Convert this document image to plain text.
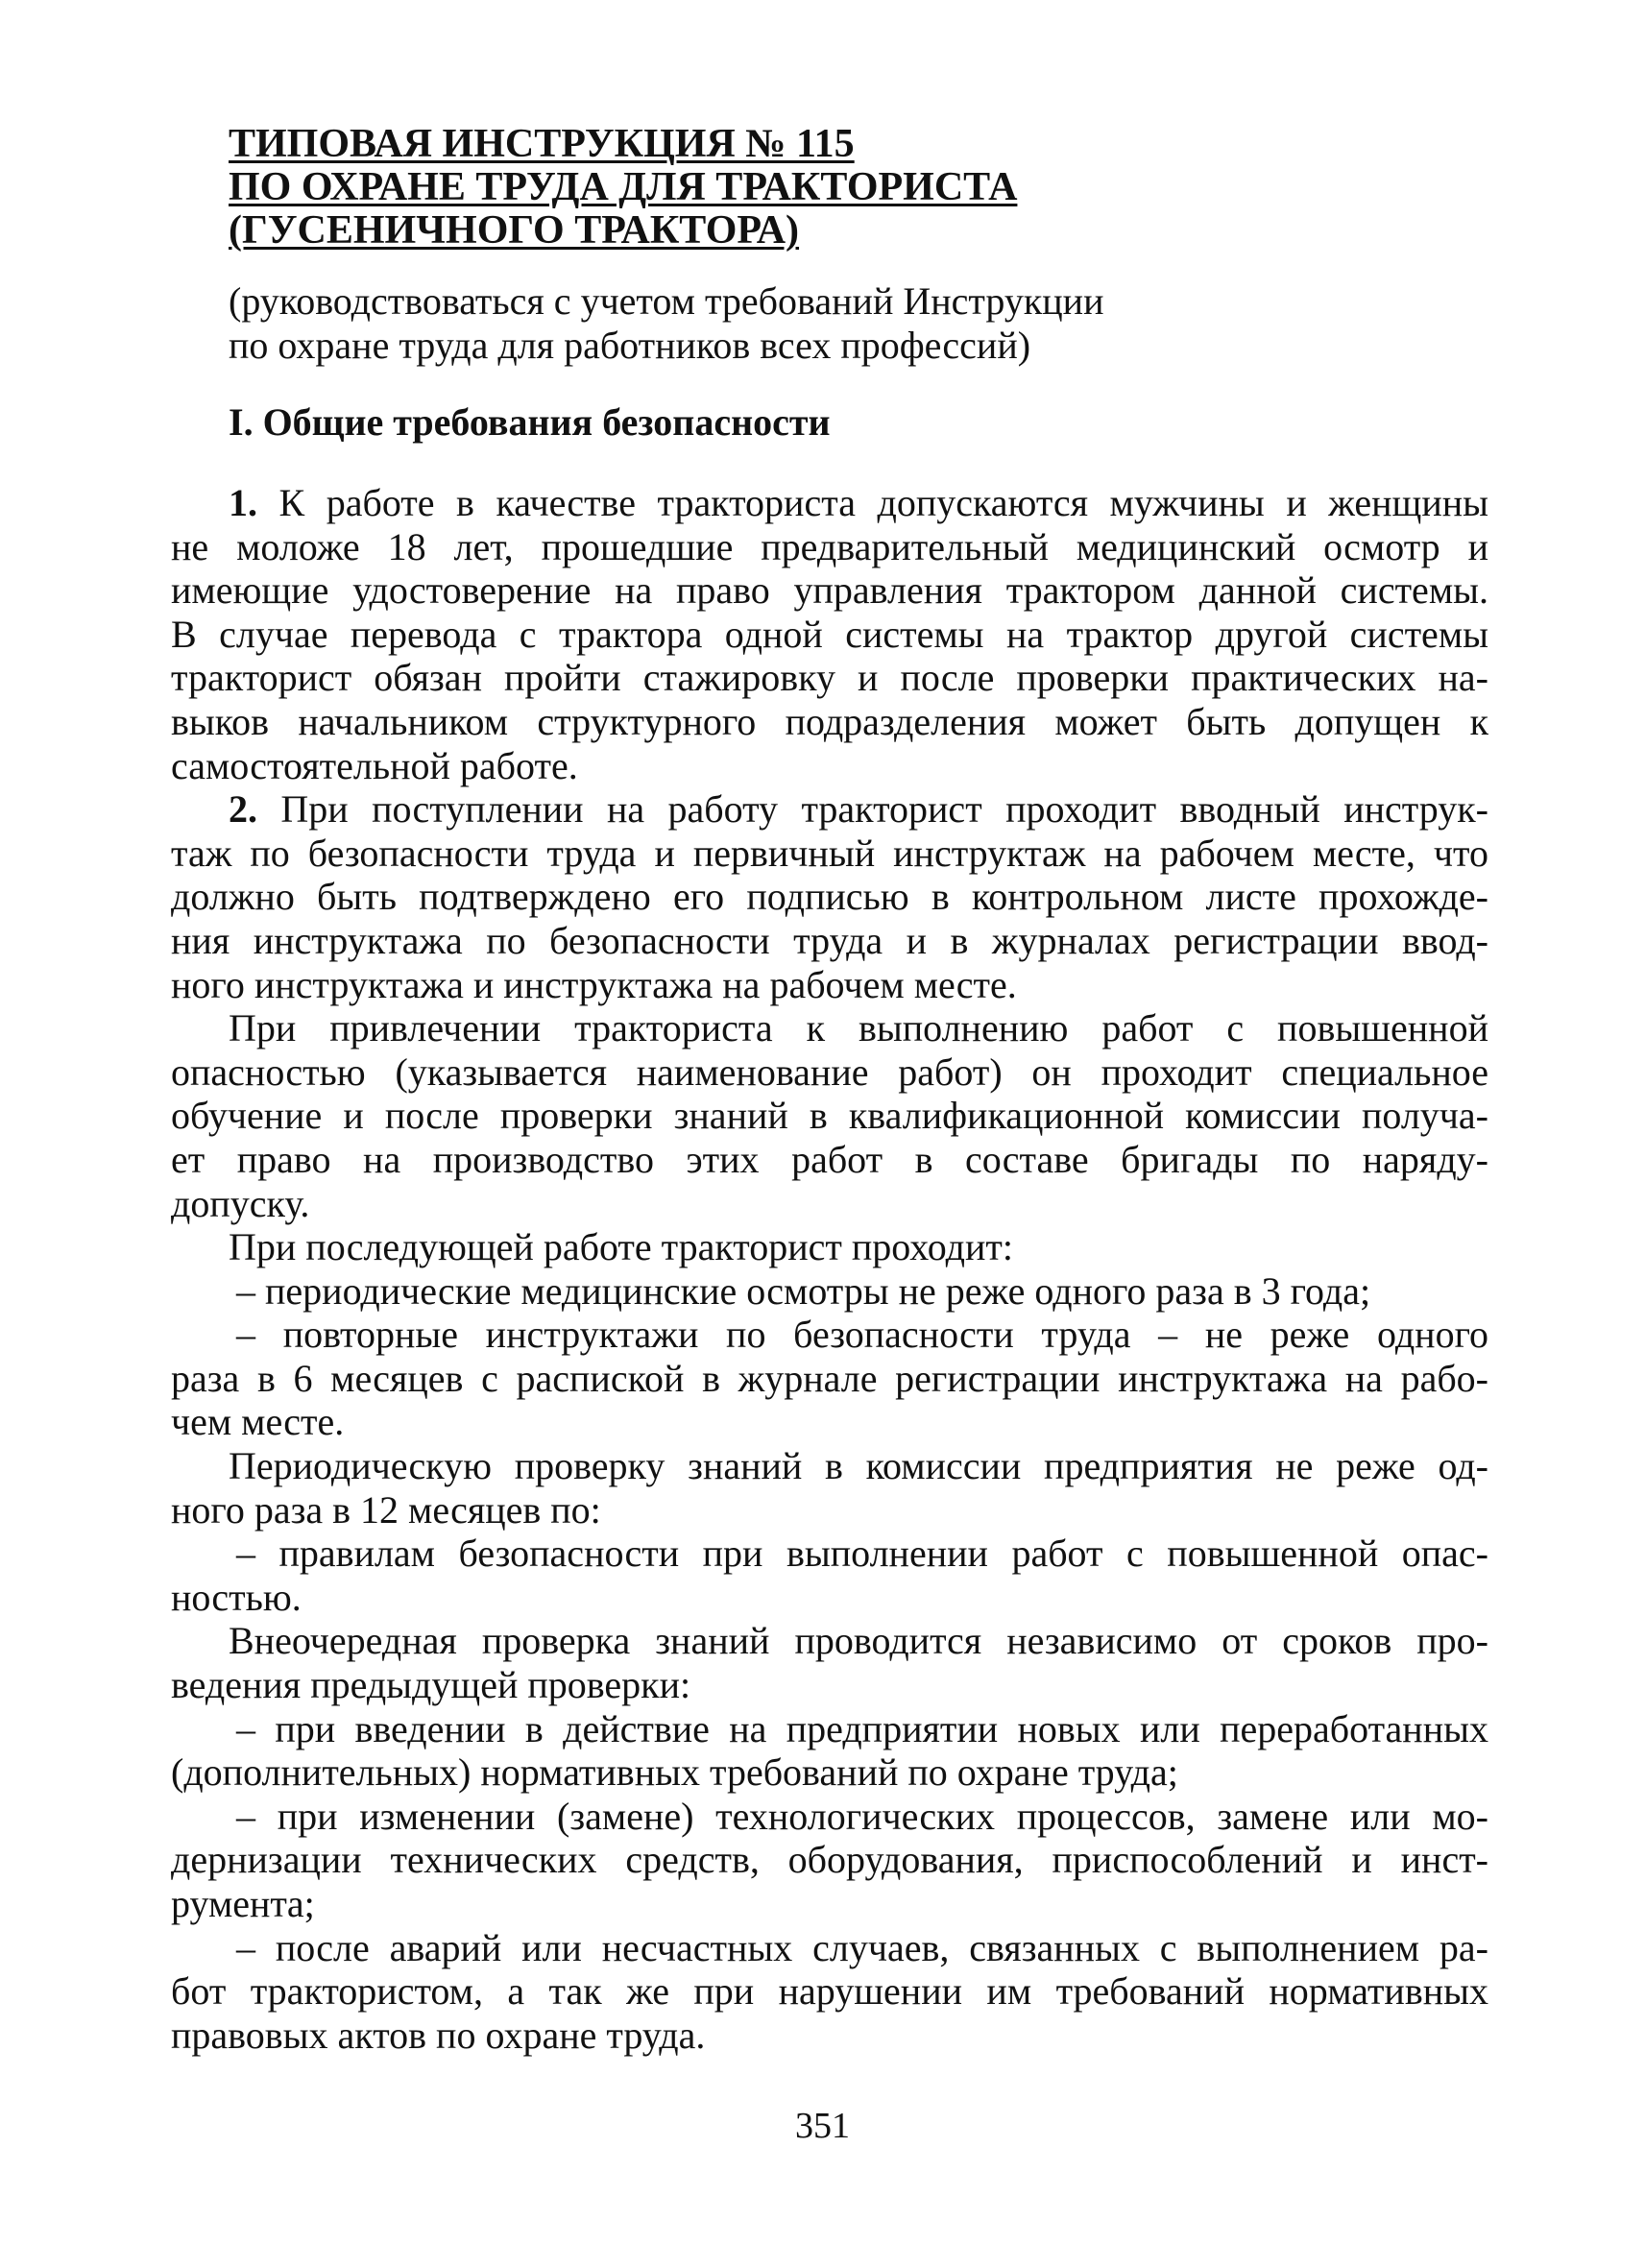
ТИПОВАЯ ИНСТРУКЦИЯ № 115
ПО ОХРАНЕ ТРУДА ДЛЯ ТРАКТОРИСТА
(ГУСЕНИЧНОГО ТРАКТОРА)
(руководствоваться с учетом требований Инструкции
по охране труда для работников всех профессий)
I. Общие требования безопасности
1. К работе в качестве тракториста допускаются мужчины и женщины
не моложе 18 лет, прошедшие предварительный медицинский осмотр и
имеющие удостоверение на право управления трактором данной системы.
В случае перевода с трактора одной системы на трактор другой системы
тракторист обязан пройти стажировку и после проверки практических на-
выков начальником структурного подразделения может быть допущен к
самостоятельной работе.
2. При поступлении на работу тракторист проходит вводный инструк-
таж по безопасности труда и первичный инструктаж на рабочем месте, что
должно быть подтверждено его подписью в контрольном листе прохожде-
ния инструктажа по безопасности труда и в журналах регистрации ввод-
ного инструктажа и инструктажа на рабочем месте.
При привлечении тракториста к выполнению работ с повышенной
опасностью (указывается наименование работ) он проходит специальное
обучение и после проверки знаний в квалификационной комиссии получа-
ет право на производство этих работ в составе бригады по наряду-
допуску.
При последующей работе тракторист проходит:
– периодические медицинские осмотры не реже одного раза в 3 года;
– повторные инструктажи по безопасности труда – не реже одного
раза в 6 месяцев с распиской в журнале регистрации инструктажа на рабо-
чем месте.
Периодическую проверку знаний в комиссии предприятия не реже од-
ного раза в 12 месяцев по:
– правилам безопасности при выполнении работ с повышенной опас-
ностью.
Внеочередная проверка знаний проводится независимо от сроков про-
ведения предыдущей проверки:
– при введении в действие на предприятии новых или переработанных
(дополнительных) нормативных требований по охране труда;
– при изменении (замене) технологических процессов, замене или мо-
дернизации технических средств, оборудования, приспособлений и инст-
рументa;
– после аварий или несчастных случаев, связанных с выполнением ра-
бот трактористом, а так же при нарушении им требований нормативных
правовых актов по охране труда.
351
